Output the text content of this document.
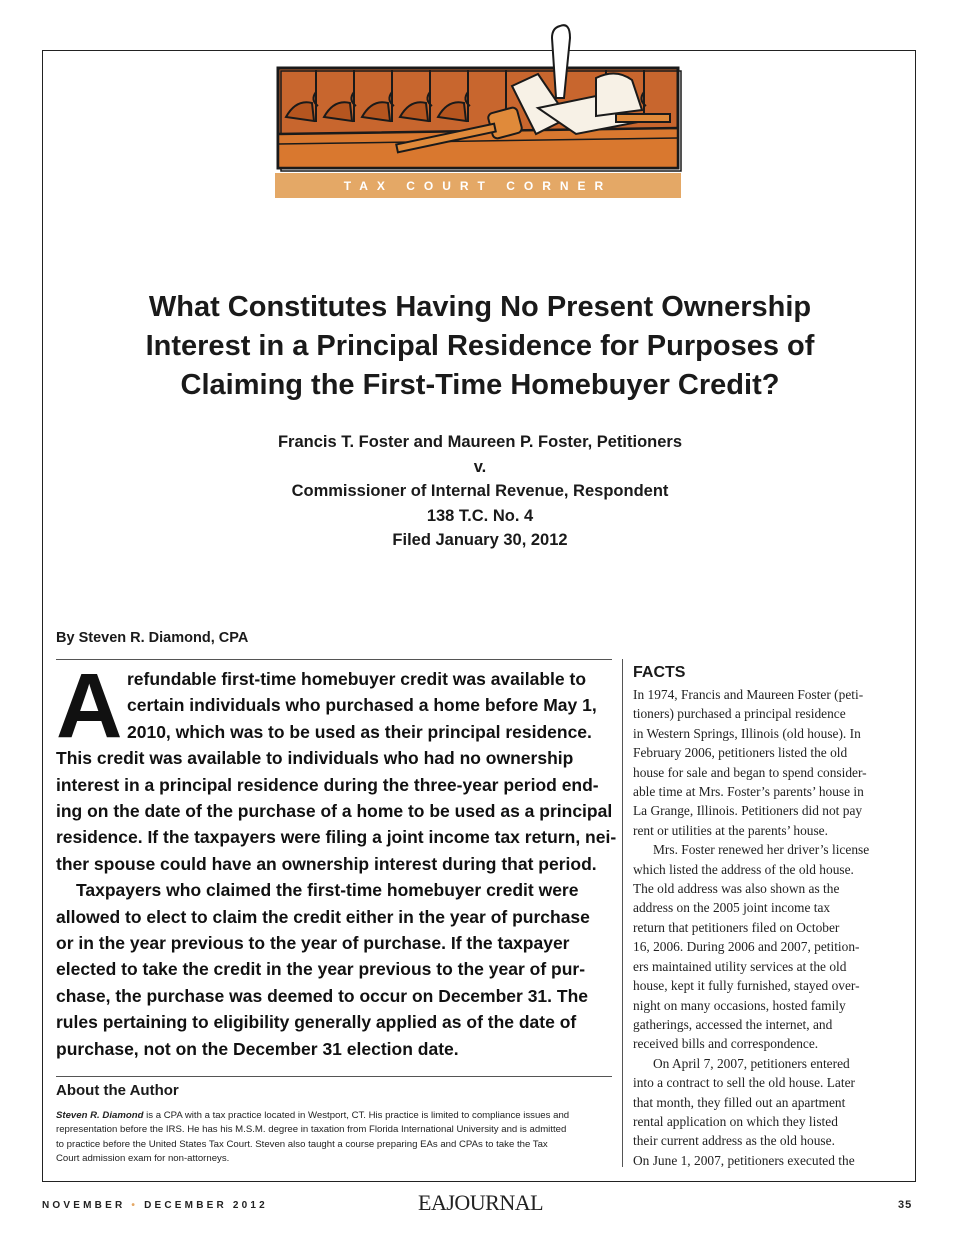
TAX COURT CORNER
What Constitutes Having No Present Ownership
Interest in a Principal Residence for Purposes of
Claiming the First-Time Homebuyer Credit?
Francis T. Foster and Maureen P. Foster, Petitioners
v.
Commissioner of Internal Revenue, Respondent
138 T.C. No. 4
Filed January 30, 2012
By Steven R. Diamond, CPA
A refundable first-time homebuyer credit was available to
certain individuals who purchased a home before May 1,
2010, which was to be used as their principal residence.
This credit was available to individuals who had no ownership
interest in a principal residence during the three-year period end-
ing on the date of the purchase of a home to be used as a principal
residence. If the taxpayers were filing a joint income tax return, nei-
ther spouse could have an ownership interest during that period.
Taxpayers who claimed the first-time homebuyer credit were
allowed to elect to claim the credit either in the year of purchase
or in the year previous to the year of purchase. If the taxpayer
elected to take the credit in the year previous to the year of pur-
chase, the purchase was deemed to occur on December 31. The
rules pertaining to eligibility generally applied as of the date of
purchase, not on the December 31 election date.
About the Author
Steven R. Diamond is a CPA with a tax practice located in Westport, CT. His practice is limited to compliance issues and
representation before the IRS. He has his M.S.M. degree in taxation from Florida International University and is admitted
to practice before the United States Tax Court. Steven also taught a course preparing EAs and CPAs to take the Tax
Court admission exam for non-attorneys.
FACTS
In 1974, Francis and Maureen Foster (peti-
tioners) purchased a principal residence
in Western Springs, Illinois (old house). In
February 2006, petitioners listed the old
house for sale and began to spend consider-
able time at Mrs. Foster’s parents’ house in
La Grange, Illinois. Petitioners did not pay
rent or utilities at the parents’ house.
Mrs. Foster renewed her driver’s license
which listed the address of the old house.
The old address was also shown as the
address on the 2005 joint income tax
return that petitioners filed on October
16, 2006. During 2006 and 2007, petition-
ers maintained utility services at the old
house, kept it fully furnished, stayed over-
night on many occasions, hosted family
gatherings, accessed the internet, and
received bills and correspondence.
On April 7, 2007, petitioners entered
into a contract to sell the old house. Later
that month, they filled out an apartment
rental application on which they listed
their current address as the old house.
On June 1, 2007, petitioners executed the
NOVEMBER • DECEMBER 2012	EAJOURNAL	35
